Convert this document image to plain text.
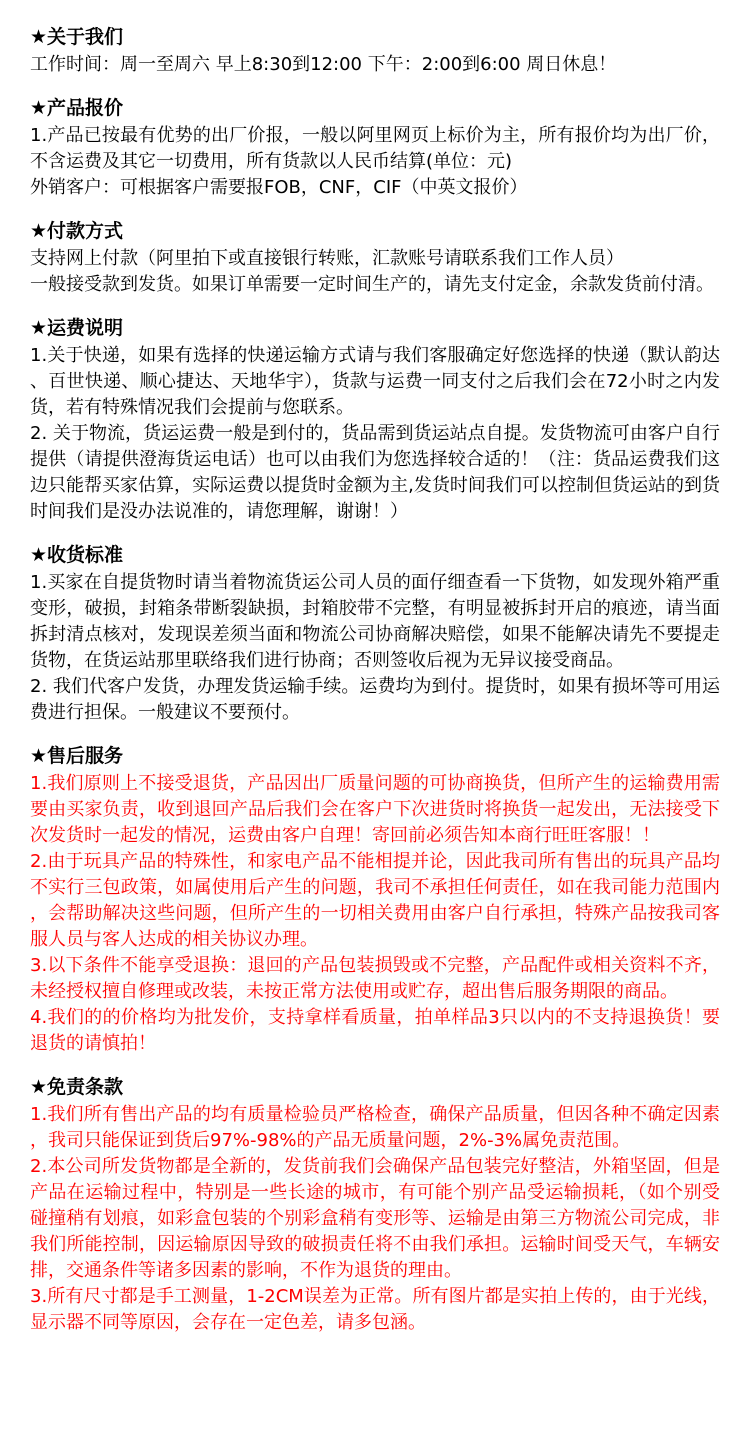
★关于我们

工作时间：周一至周六 早上8:30到12:00 下午：2:00到6:00 周日休息！

★产品报价

1.产品已按最有优势的出厂价报，一般以阿里网页上标价为主，所有报价均为出厂价，不含运费及其它一切费用，所有货款以人民币结算(单位：元)

外销客户：可根据客户需要报FOB，CNF，CIF（中英文报价）

★付款方式

支持网上付款（阿里拍下或直接银行转账，汇款账号请联系我们工作人员）

一般接受款到发货。如果订单需要一定时间生产的，请先支付定金，余款发货前付清。

★运费说明

1.关于快递，如果有选择的快递运输方式请与我们客服确定好您选择的快递（默认韵达、百世快递、顺心捷达、天地华宇），货款与运费一同支付之后我们会在72小时之内发货，若有特殊情况我们会提前与您联系。

2. 关于物流，货运运费一般是到付的，货品需到货运站点自提。发货物流可由客户自行提供（请提供澄海货运电话）也可以由我们为您选择较合适的！（注：货品运费我们这边只能帮买家估算，实际运费以提货时金额为主,发货时间我们可以控制但货运站的到货时间我们是没办法说准的，请您理解，谢谢！）

★收货标准

1.买家在自提货物时请当着物流货运公司人员的面仔细查看一下货物，如发现外箱严重变形，破损，封箱条带断裂缺损，封箱胶带不完整，有明显被拆封开启的痕迹，请当面拆封清点核对，发现误差须当面和物流公司协商解决赔偿，如果不能解决请先不要提走货物，在货运站那里联络我们进行协商；否则签收后视为无异议接受商品。

2. 我们代客户发货，办理发货运输手续。运费均为到付。提货时，如果有损坏等可用运费进行担保。一般建议不要预付。

★售后服务

1.我们原则上不接受退货，产品因出厂质量问题的可协商换货，但所产生的运输费用需要由买家负责，收到退回产品后我们会在客户下次进货时将换货一起发出，无法接受下次发货时一起发的情况，运费由客户自理！寄回前必须告知本商行旺旺客服！！

2.由于玩具产品的特殊性，和家电产品不能相提并论，因此我司所有售出的玩具产品均不实行三包政策，如属使用后产生的问题，我司不承担任何责任，如在我司能力范围内，会帮助解决这些问题，但所产生的一切相关费用由客户自行承担，特殊产品按我司客服人员与客人达成的相关协议办理。

3.以下条件不能享受退换：退回的产品包装损毁或不完整，产品配件或相关资料不齐，未经授权擅自修理或改装，未按正常方法使用或贮存，超出售后服务期限的商品。

4.我们的的价格均为批发价，支持拿样看质量，拍单样品3只以内的不支持退换货！要退货的请慎拍！

★免责条款

1.我们所有售出产品的均有质量检验员严格检查，确保产品质量，但因各种不确定因素，我司只能保证到货后97%-98%的产品无质量问题，2%-3%属免责范围。

2.本公司所发货物都是全新的，发货前我们会确保产品包装完好整洁，外箱坚固，但是产品在运输过程中，特别是一些长途的城市，有可能个别产品受运输损耗，（如个别受碰撞稍有划痕，如彩盒包装的个别彩盒稍有变形等、运输是由第三方物流公司完成，非我们所能控制，因运输原因导致的破损责任将不由我们承担。运输时间受天气，车辆安排，交通条件等诸多因素的影响，不作为退货的理由。

3.所有尺寸都是手工测量，1-2CM误差为正常。所有图片都是实拍上传的，由于光线，显示器不同等原因，会存在一定色差，请多包涵。
